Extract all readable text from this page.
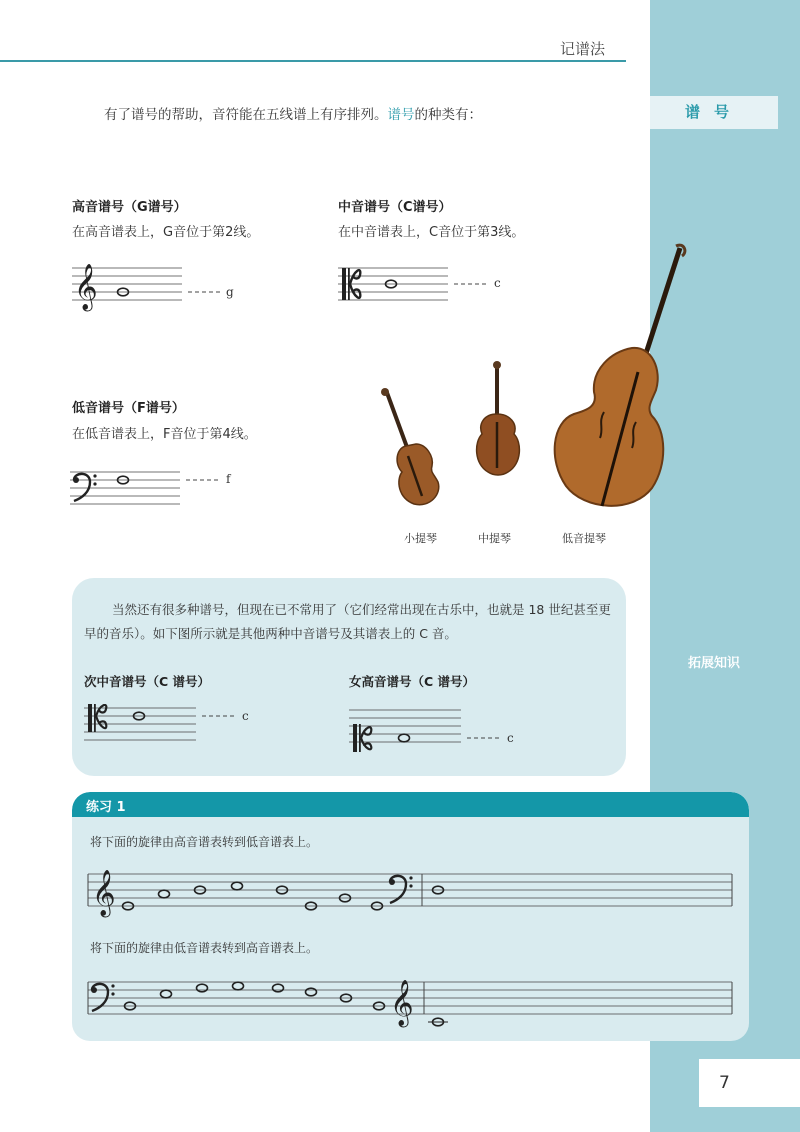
谱号
拓展知识
7
记谱法
有了谱号的帮助，音符能在五线谱上有序排列。谱号的种类有：
高音谱号（G谱号）
在高音谱表上，G音位于第2线。
𝄞	g
中音谱号（C谱号）
在中音谱表上，C音位于第3线。
c
低音谱号（F谱号）
在低音谱表上，F音位于第4线。
f
小提琴	中提琴	低音提琴
当然还有很多种谱号，但现在已不常用了（它们经常出现在古乐中，也就是 18 世纪甚至更早的音乐）。如下图所示就是其他两种中音谱号及其谱表上的 C 音。
次中音谱号（C 谱号）	女高音谱号（C 谱号）
c
c
练习 1
将下面的旋律由高音谱表转到低音谱表上。
将下面的旋律由低音谱表转到高音谱表上。
𝄞
𝄞
